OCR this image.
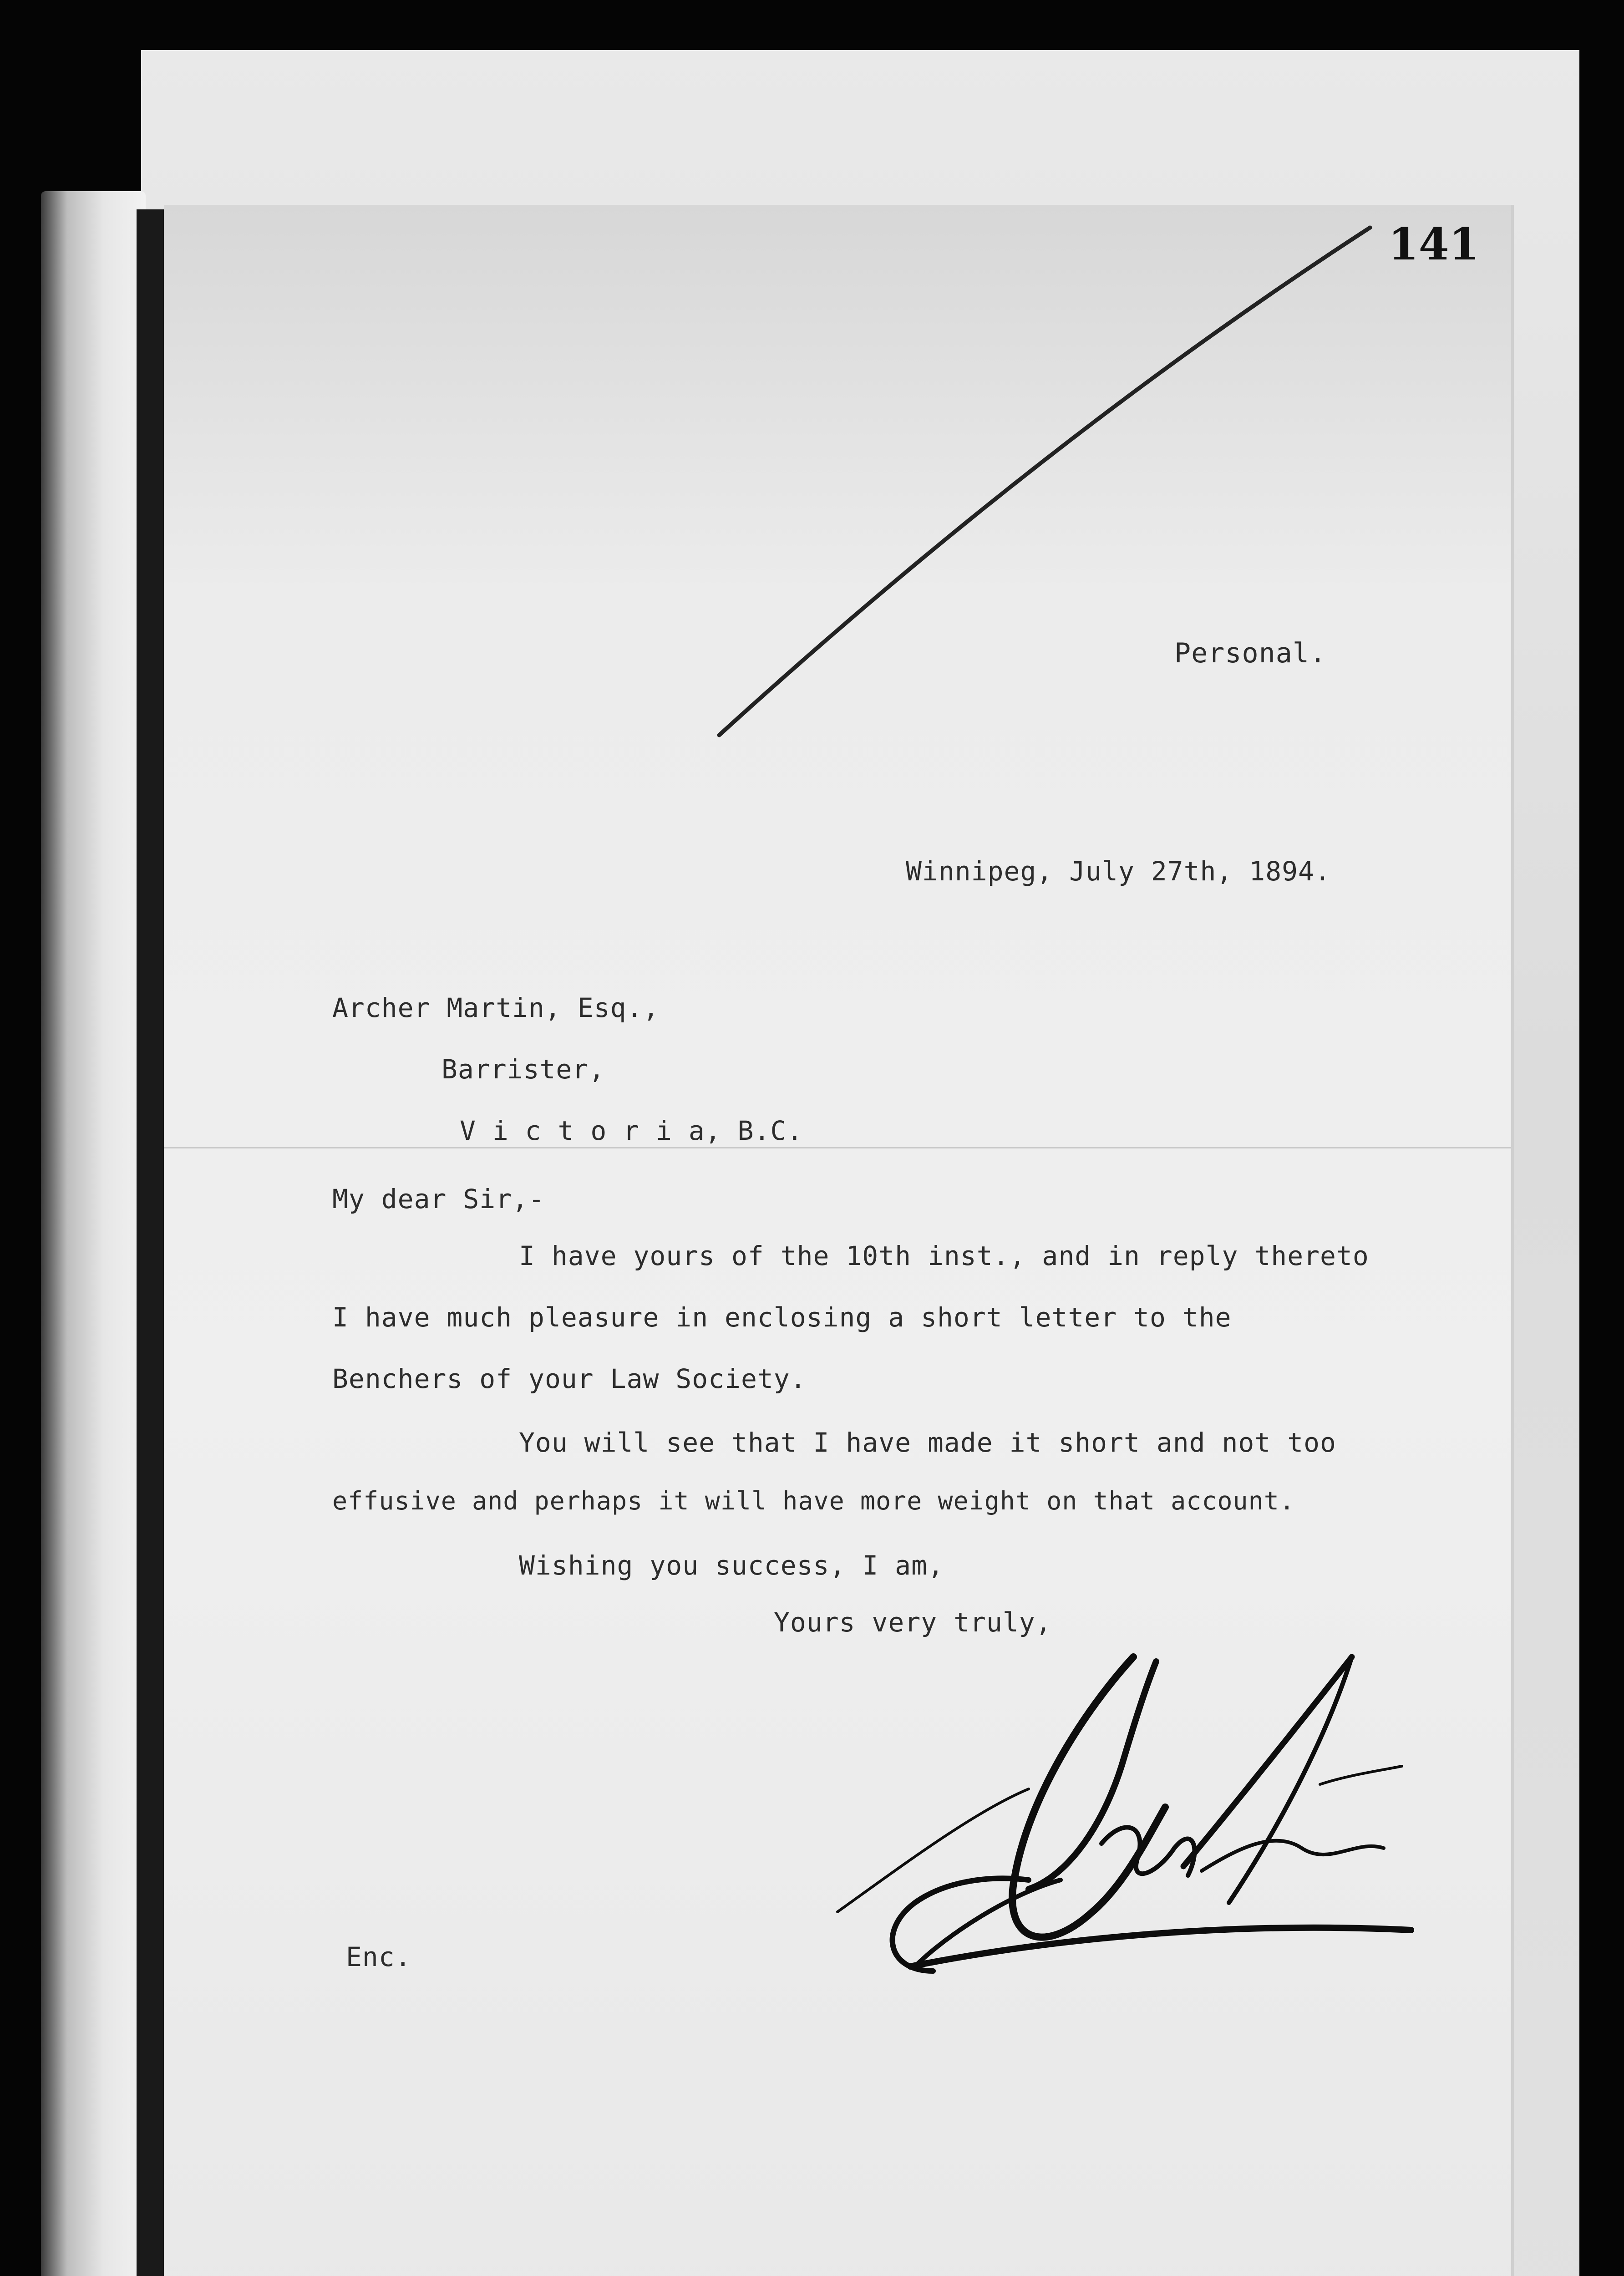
141
Personal.
Winnipeg, July 27th, 1894.
Archer Martin, Esq.,
Barrister,
V i c t o r i a, B.C.
My dear Sir,-
I have yours of the 10th inst., and in reply thereto
I have much pleasure in enclosing a short letter to the
Benchers of your Law Society.
You will see that I have made it short and not too
effusive and perhaps it will have more weight on that account.
Wishing you success, I am,
Yours very truly,
Enc.
